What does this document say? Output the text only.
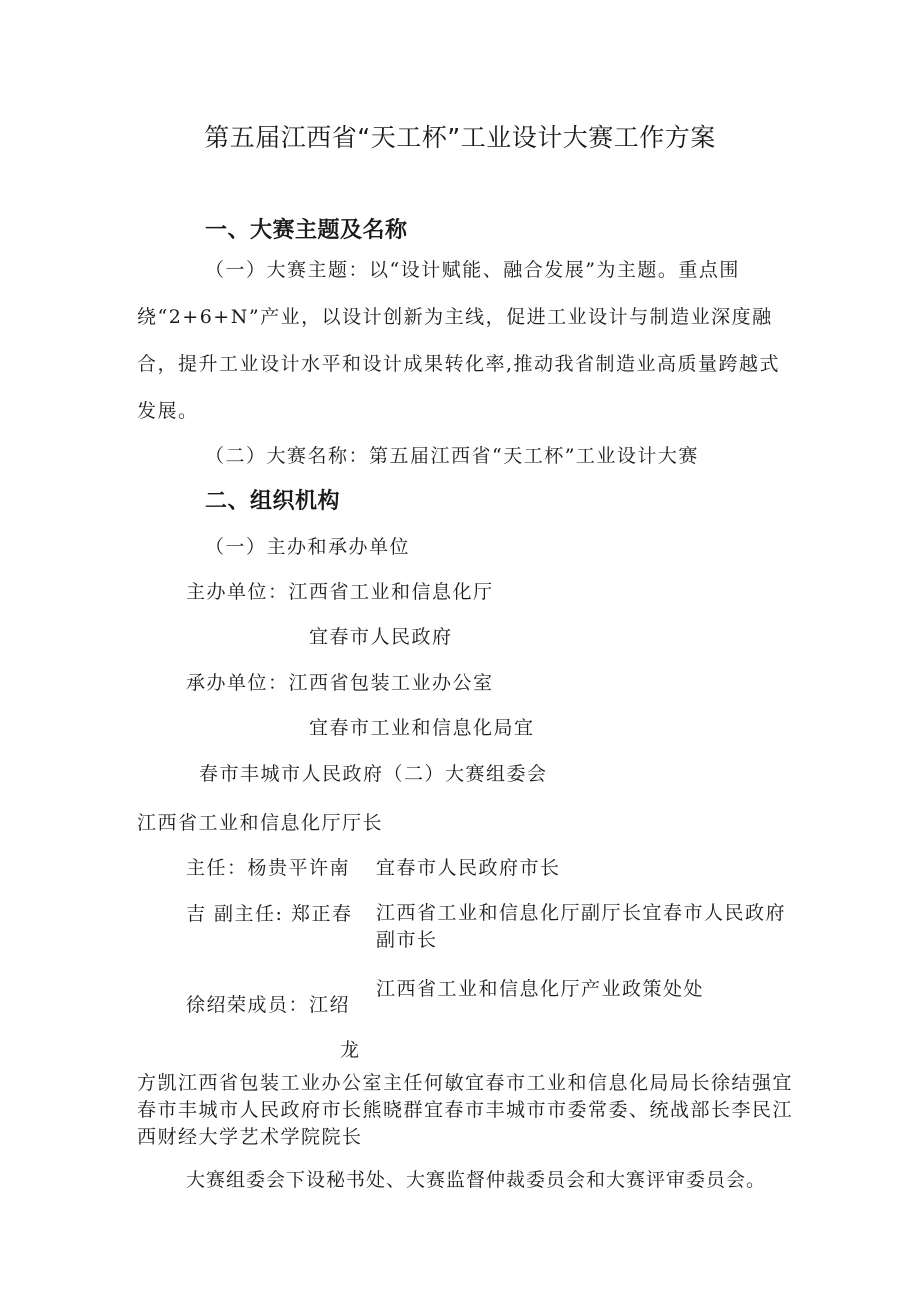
第五届江西省“天工杯”工业设计大赛工作方案
一、大赛主题及名称

（一）大赛主题：以“设计赋能、融合发展”为主题。重点围绕“2+6+N”产业，以设计创新为主线，促进工业设计与制造业深度融合，提升工业设计水平和设计成果转化率,推动我省制造业高质量跨越式发展。

（二）大赛名称：第五届江西省“天工杯”工业设计大赛
二、组织机构
（一）主办和承办单位
主办单位：江西省工业和信息化厅
宜春市人民政府
承办单位：江西省包装工业办公室
宜春市工业和信息化局宜
春市丰城市人民政府（二）大赛组委会
江西省工业和信息化厅厅长
主任：杨贵平许南 宜春市人民政府市长
吉 副主任: 郑正春 江西省工业和信息化厅副厅长宜春市人民政府副市长

徐绍荣成员：江绍
江西省工业和信息化厅产业政策处处
龙

方凯江西省包装工业办公室主任何敏宜春市工业和信息化局局长徐结强宜春市丰城市人民政府市长熊晓群宜春市丰城市市委常委、统战部长李民江西财经大学艺术学院院长

大赛组委会下设秘书处、大赛监督仲裁委员会和大赛评审委员会。
